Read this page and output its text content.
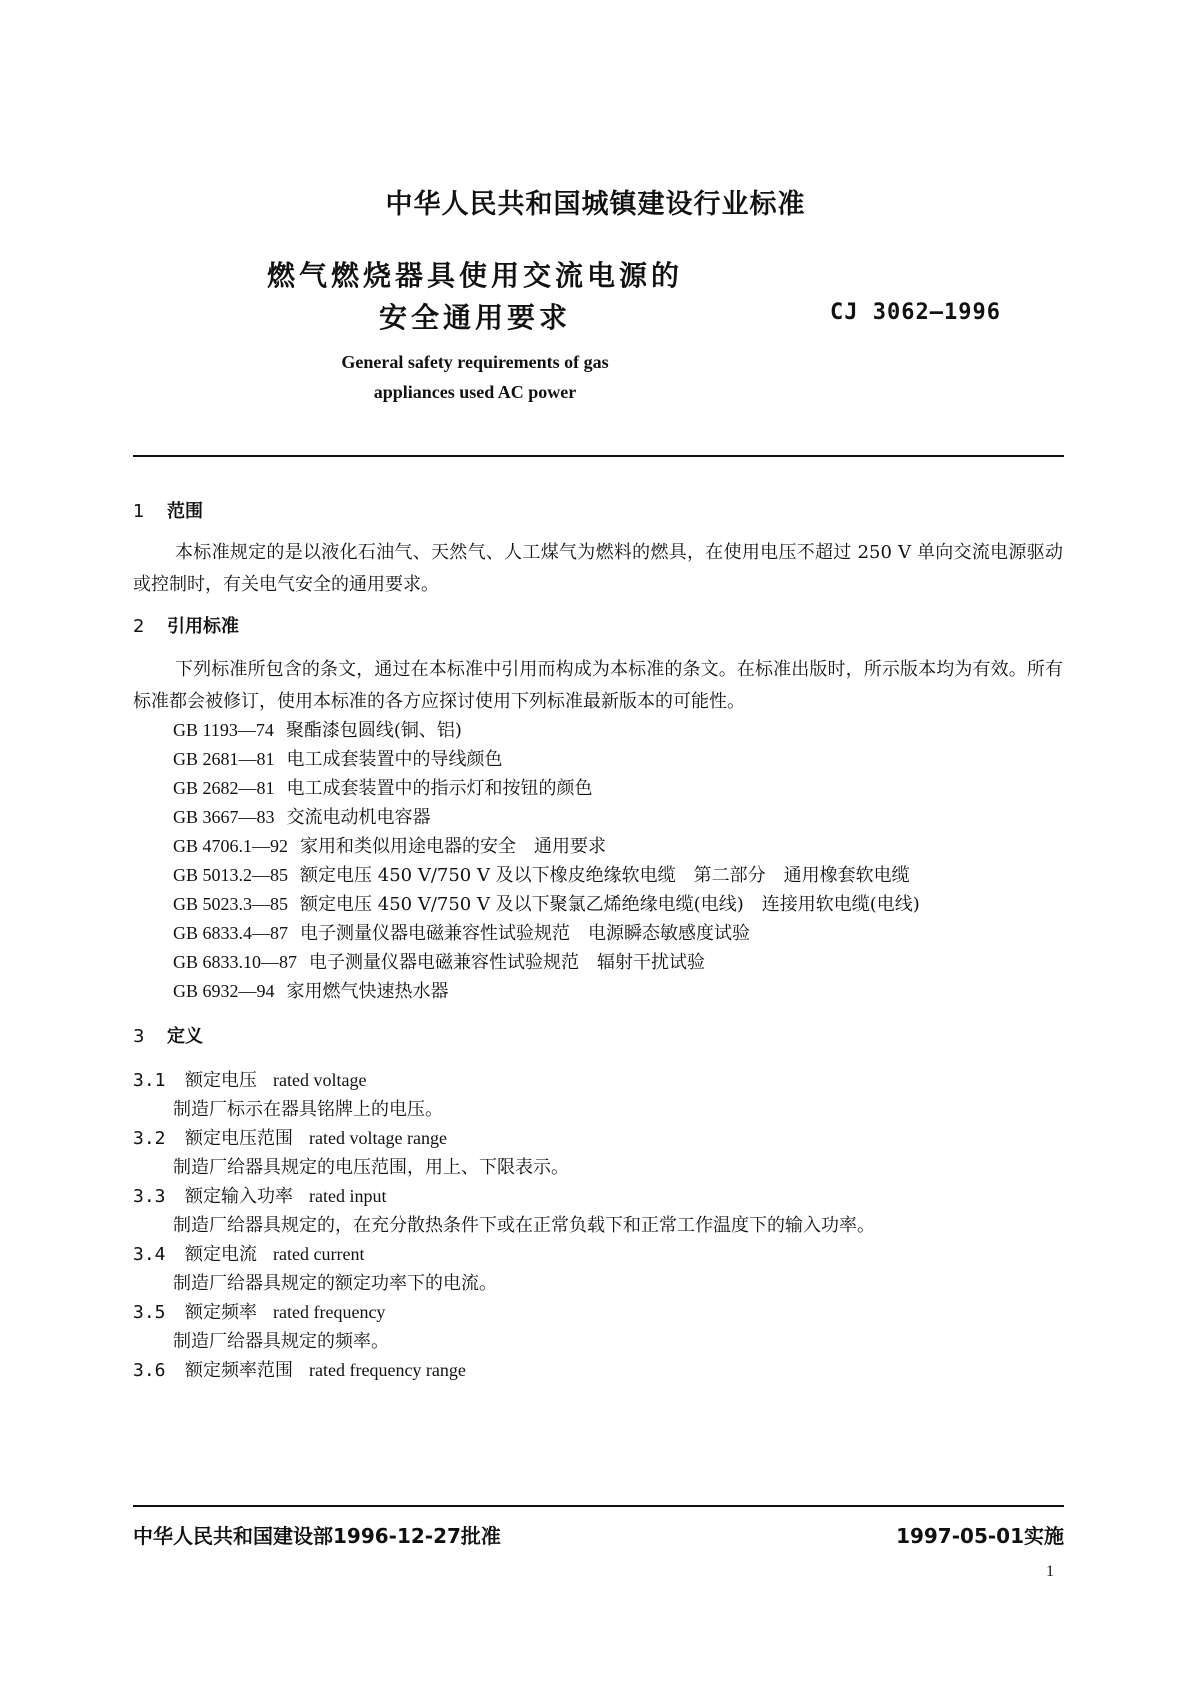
中华人民共和国城镇建设行业标准
燃气燃烧器具使用交流电源的
安全通用要求	CJ 3062—1996
General safety requirements of gas
appliances used AC power
1 范围
本标准规定的是以液化石油气、天然气、人工煤气为燃料的燃具，在使用电压不超过 250 V 单向交流电源驱动或控制时，有关电气安全的通用要求。
2 引用标准
下列标准所包含的条文，通过在本标准中引用而构成为本标准的条文。在标准出版时，所示版本均为有效。所有标准都会被修订，使用本标准的各方应探讨使用下列标准最新版本的可能性。
GB 1193—74 聚酯漆包圆线(铜、铝)
GB 2681—81 电工成套装置中的导线颜色
GB 2682—81 电工成套装置中的指示灯和按钮的颜色
GB 3667—83 交流电动机电容器
GB 4706.1—92 家用和类似用途电器的安全　通用要求
GB 5013.2—85 额定电压 450 V/750 V 及以下橡皮绝缘软电缆　第二部分　通用橡套软电缆
GB 5023.3—85 额定电压 450 V/750 V 及以下聚氯乙烯绝缘电缆(电线)　连接用软电缆(电线)
GB 6833.4—87 电子测量仪器电磁兼容性试验规范　电源瞬态敏感度试验
GB 6833.10—87 电子测量仪器电磁兼容性试验规范　辐射干扰试验
GB 6932—94 家用燃气快速热水器
3 定义
3.1 额定电压 rated voltage
制造厂标示在器具铭牌上的电压。
3.2 额定电压范围 rated voltage range
制造厂给器具规定的电压范围，用上、下限表示。
3.3 额定输入功率 rated input
制造厂给器具规定的，在充分散热条件下或在正常负载下和正常工作温度下的输入功率。
3.4 额定电流 rated current
制造厂给器具规定的额定功率下的电流。
3.5 额定频率 rated frequency
制造厂给器具规定的频率。
3.6 额定频率范围 rated frequency range
中华人民共和国建设部1996-12-27批准	1997-05-01实施
1
